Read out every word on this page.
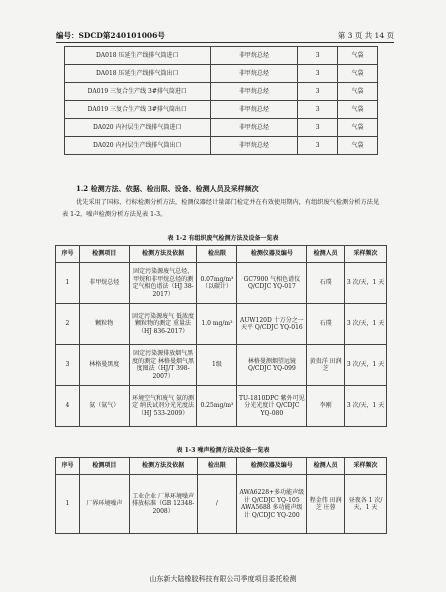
编号：SDCD第240101006号	第 3 页 共 14 页
DA018 压延生产线排气筒进口	非甲烷总烃	3	气袋
DA018 压延生产线排气筒出口	非甲烷总烃	3	气袋
DA019 三复合生产线 3#排气筒进口	非甲烷总烃	3	气袋
DA019 三复合生产线 3#排气筒出口	非甲烷总烃	3	气袋
DA020 内衬层生产线排气筒进口	非甲烷总烃	3	气袋
DA020 内衬层生产线排气筒出口	非甲烷总烃	3	气袋
1.2 检测方法、依据、检出限、设备、检测人员及采样频次
优先采用了国标、行标检测分析方法，检测仪器经计量部门检定并在有效使用期内，有组织废气检测分析方法见表 1-2，噪声检测分析方法见表 1-3。
表 1-2 有组织废气检测方法及设备一览表
序号	检测项目	检测方法及依据	检出限	检测仪器及编号	检测人员	采样频次
1	非甲烷总烃	固定污染源废气总烃、甲烷和非甲烷总烃的测定气相色谱法（HJ 38-2017）	0.07mg/m³（以碳计）	GC7900 气相色谱仪 Q/CDJC YQ-017	石璞	3 次/天，1 天
2	颗粒物	固定污染源废气 低浓度颗粒物的测定 重量法（HJ 836-2017）	1.0 mg/m³	AUW120D 十万分之一天平 Q/CDJC YQ-016	石璞	3 次/天，1 天
3	林格曼黑度	固定污染源排放烟气黑度的测定 林格曼烟气黑度图法（HJ/T 398-2007）	1级	林格曼测烟望远镜 Q/CDJC YQ-099	黄贵洋 田润芝	3 次/天，1 天
4	氨（氨气）	环境空气和废气 氨的测定 纳氏试剂分光光度法（HJ 533-2009）	0.25mg/m³	TU-1810DPC 紫外可见分光光度计 Q/CDJC YQ-080	李刚	3 次/天，1 天
表 1-3 噪声检测方法及设备一览表
序号	检测项目	检测方法及依据	检出限	检测仪器及编号	检测人员	采样频次
1	厂界环境噪声	工业企业 厂界环境噪声排放标准（GB 12348-2008）	/	AWA6228+多功能声级计 Q/CDJC YQ-105 AWA5688 多功能声级计 Q/CDJC YQ-200	程金伟 田润芝 庄蓉	昼夜各 1 次/天，1 天
山东新大陆橡胶科技有限公司季度项目委托检测
